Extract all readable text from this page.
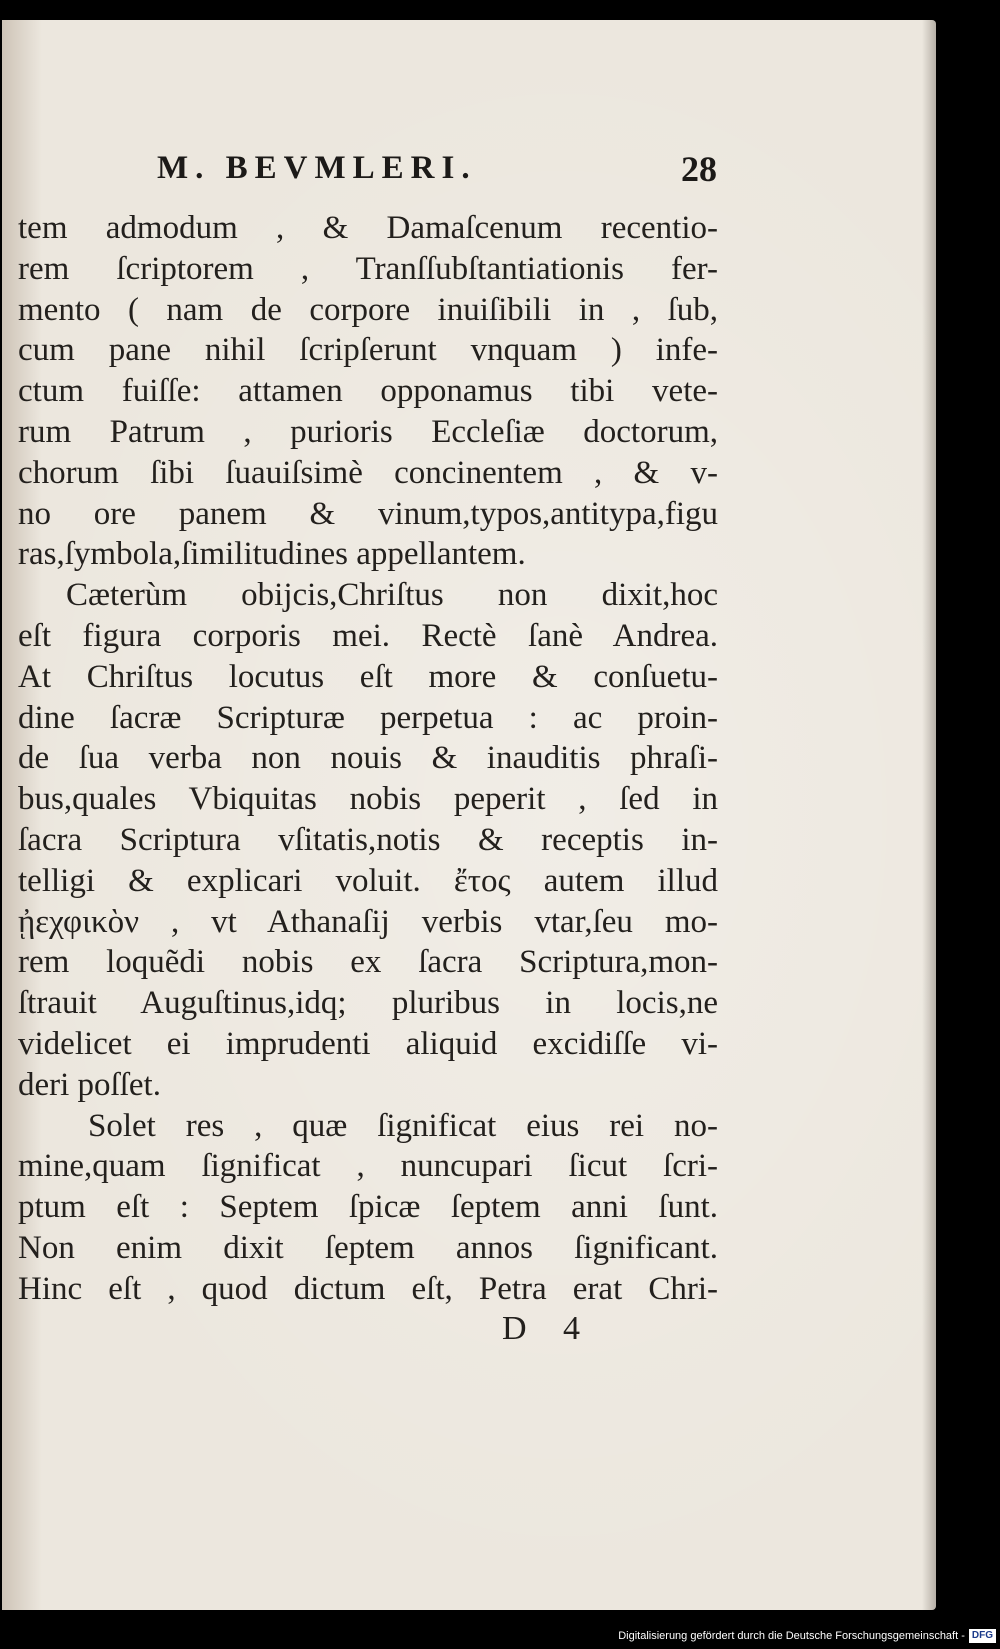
M. BEVMLERI.	28
tem admodum , & Damaſcenum recentio-
rem ſcriptorem , Tranſſubſtantiationis fer-
mento ( nam de corpore inuiſibili in , ſub,
cum pane nihil ſcripſerunt vnquam ) infe-
ctum fuiſſe: attamen opponamus tibi vete-
rum Patrum , purioris Eccleſiæ doctorum,
chorum ſibi ſuauiſsimè concinentem , & v-
no ore panem & vinum,typos,antitypa,figu
ras,ſymbola,ſimilitudines appellantem.
Cæterùm obijcis,Chriſtus non dixit,hoc
eſt figura corporis mei. Rectè ſanè Andrea.
At Chriſtus locutus eſt more & conſuetu-
dine ſacræ Scripturæ perpetua : ac proin-
de ſua verba non nouis & inauditis phraſi-
bus,quales Vbiquitas nobis peperit , ſed in
ſacra Scriptura vſitatis,notis & receptis in-
telligi & explicari voluit. ἔτος autem illud
ᾐεχφικὸν , vt Athanaſij verbis vtar,ſeu mo-
rem loquẽdi nobis ex ſacra Scriptura,mon-
ſtrauit Auguſtinus,idq; pluribus in locis,ne
videlicet ei imprudenti aliquid excidiſſe vi-
deri poſſet.
Solet res , quæ ſignificat eius rei no-
mine,quam ſignificat , nuncupari ſicut ſcri-
ptum eſt : Septem ſpicæ ſeptem anni ſunt.
Non enim dixit ſeptem annos ſignificant.
Hinc eſt , quod dictum eſt, Petra erat Chri-
D 4
Digitalisierung gefördert durch die Deutsche Forschungsgemeinschaft - DFG
